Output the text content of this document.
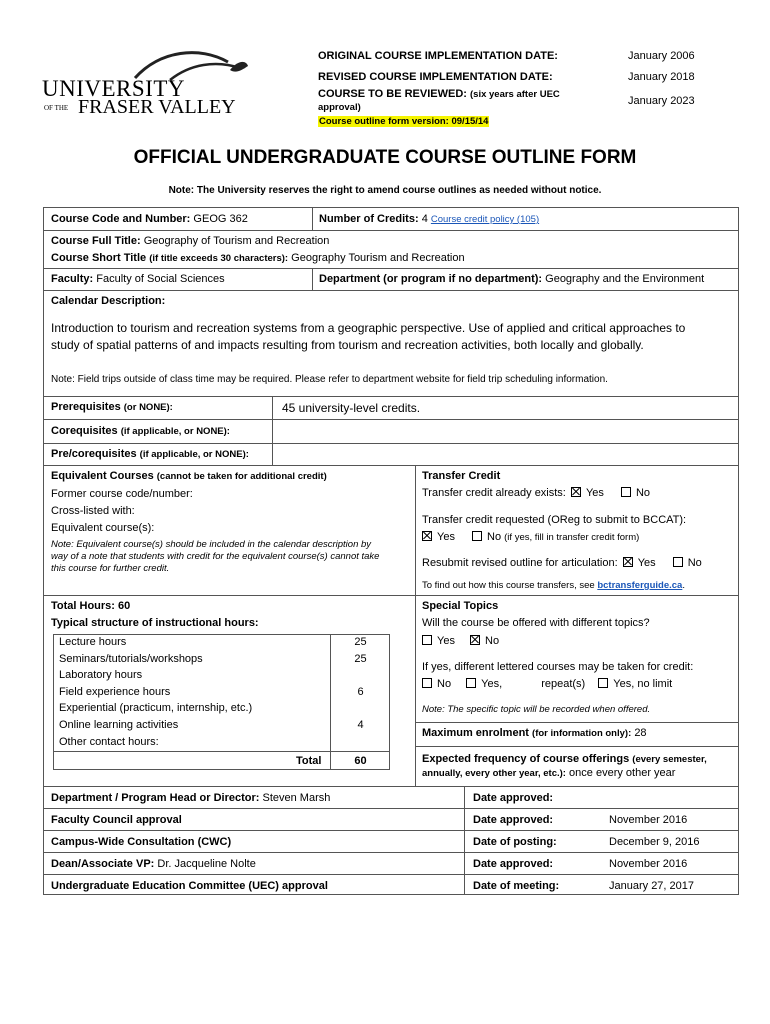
UNIVERSITY
OF THE FRASER VALLEY
ORIGINAL COURSE IMPLEMENTATION DATE:	January 2006
REVISED COURSE IMPLEMENTATION DATE:	January 2018
COURSE TO BE REVIEWED: (six years after UEC
approval)
January 2023
Course outline form version: 09/15/14
OFFICIAL UNDERGRADUATE COURSE OUTLINE FORM
Note: The University reserves the right to amend course outlines as needed without notice.
Course Code and Number: GEOG 362	Number of Credits: 4 Course credit policy (105)
Course Full Title: Geography of Tourism and Recreation
Course Short Title (if title exceeds 30 characters): Geography Tourism and Recreation
Faculty: Faculty of Social Sciences	Department (or program if no department): Geography and the Environment
Calendar Description:
Introduction to tourism and recreation systems from a geographic perspective. Use of applied and critical approaches to
study of spatial patterns of and impacts resulting from tourism and recreation activities, both locally and globally.
Note: Field trips outside of class time may be required. Please refer to department website for field trip scheduling information.
Prerequisites (or NONE):	45 university-level credits.
Corequisites (if applicable, or NONE):
Pre/corequisites (if applicable, or NONE):
Equivalent Courses (cannot be taken for additional credit)
Former course code/number:
Cross-listed with:
Equivalent course(s):
Note: Equivalent course(s) should be included in the calendar description by
way of a note that students with credit for the equivalent course(s) cannot take
this course for further credit.
Transfer Credit
Transfer credit already exists: Yes	No
Transfer credit requested (OReg to submit to BCCAT):
Yes	No (if yes, fill in transfer credit form)
Resubmit revised outline for articulation: Yes	No
To find out how this course transfers, see bctransferguide.ca.
Total Hours: 60
Typical structure of instructional hours:
Lecture hours	25
Seminars/tutorials/workshops	25
Laboratory hours
Field experience hours	6
Experiential (practicum, internship, etc.)
Online learning activities	4
Other contact hours:
Total	60
Special Topics
Will the course be offered with different topics?
Yes	No
If yes, different lettered courses may be taken for credit:
No	Yes,	repeat(s)	Yes, no limit
Note: The specific topic will be recorded when offered.
Maximum enrolment (for information only): 28
Expected frequency of course offerings (every semester,
annually, every other year, etc.): once every other year
Department / Program Head or Director: Steven Marsh	Date approved:
Faculty Council approval	Date approved:	November 2016
Campus-Wide Consultation (CWC)	Date of posting:	December 9, 2016
Dean/Associate VP: Dr. Jacqueline Nolte	Date approved:	November 2016
Undergraduate Education Committee (UEC) approval	Date of meeting:	January 27, 2017
